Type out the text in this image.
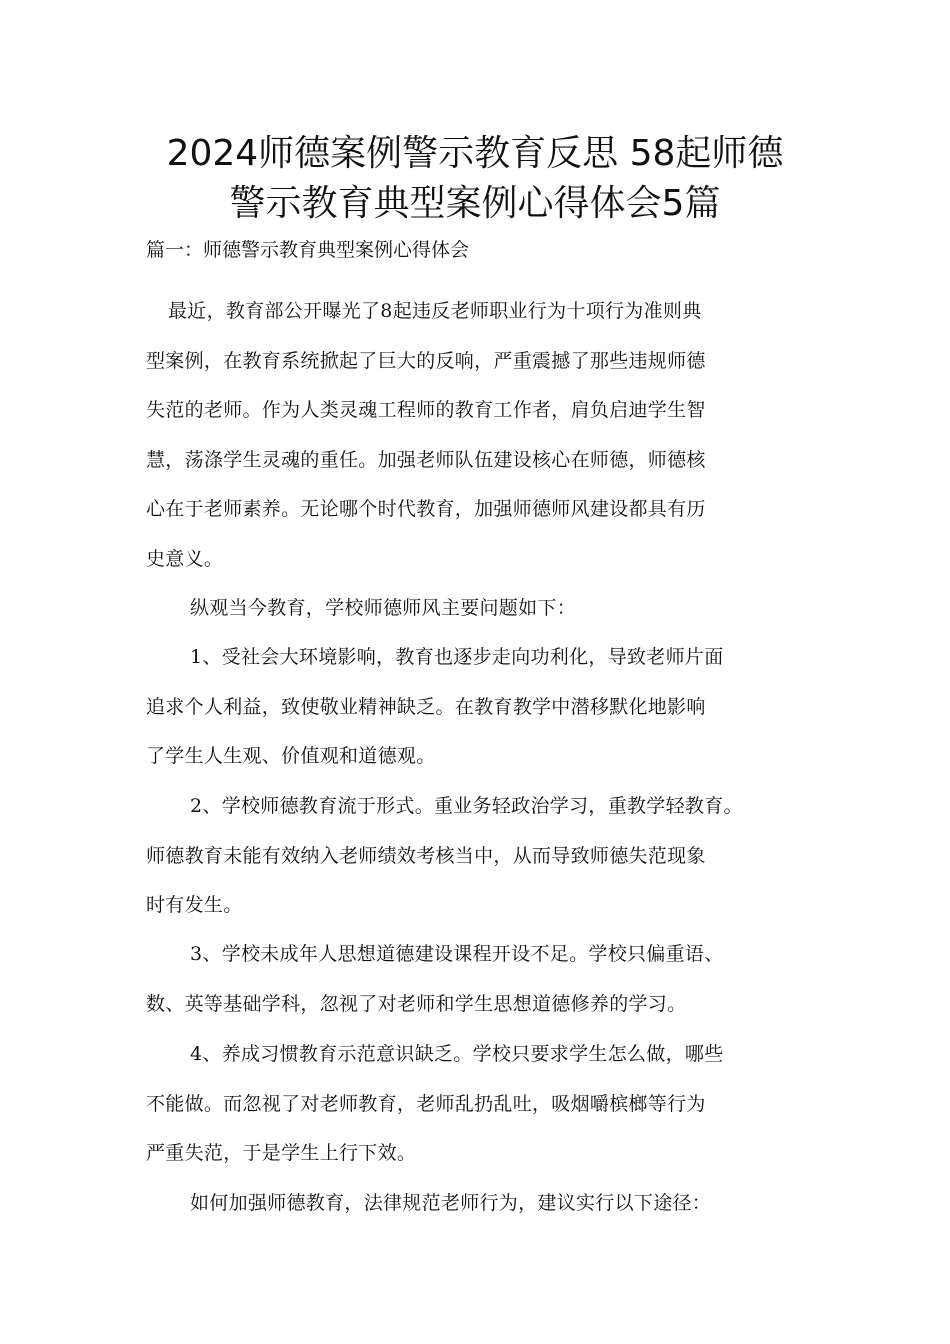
2024师德案例警示教育反思 58起师德
警示教育典型案例心得体会5篇

篇一：师德警示教育典型案例心得体会

最近，教育部公开曝光了8起违反老师职业行为十项行为准则典
型案例，在教育系统掀起了巨大的反响，严重震撼了那些违规师德
失范的老师。作为人类灵魂工程师的教育工作者，肩负启迪学生智
慧，荡涤学生灵魂的重任。加强老师队伍建设核心在师德，师德核
心在于老师素养。无论哪个时代教育，加强师德师风建设都具有历
史意义。

纵观当今教育，学校师德师风主要问题如下：

1、受社会大环境影响，教育也逐步走向功利化，导致老师片面
追求个人利益，致使敬业精神缺乏。在教育教学中潜移默化地影响
了学生人生观、价值观和道德观。

2、学校师德教育流于形式。重业务轻政治学习，重教学轻教育。
师德教育未能有效纳入老师绩效考核当中，从而导致师德失范现象
时有发生。

3、学校未成年人思想道德建设课程开设不足。学校只偏重语、
数、英等基础学科，忽视了对老师和学生思想道德修养的学习。

4、养成习惯教育示范意识缺乏。学校只要求学生怎么做，哪些
不能做。而忽视了对老师教育，老师乱扔乱吐，吸烟嚼槟榔等行为
严重失范，于是学生上行下效。

如何加强师德教育，法律规范老师行为，建议实行以下途径：
